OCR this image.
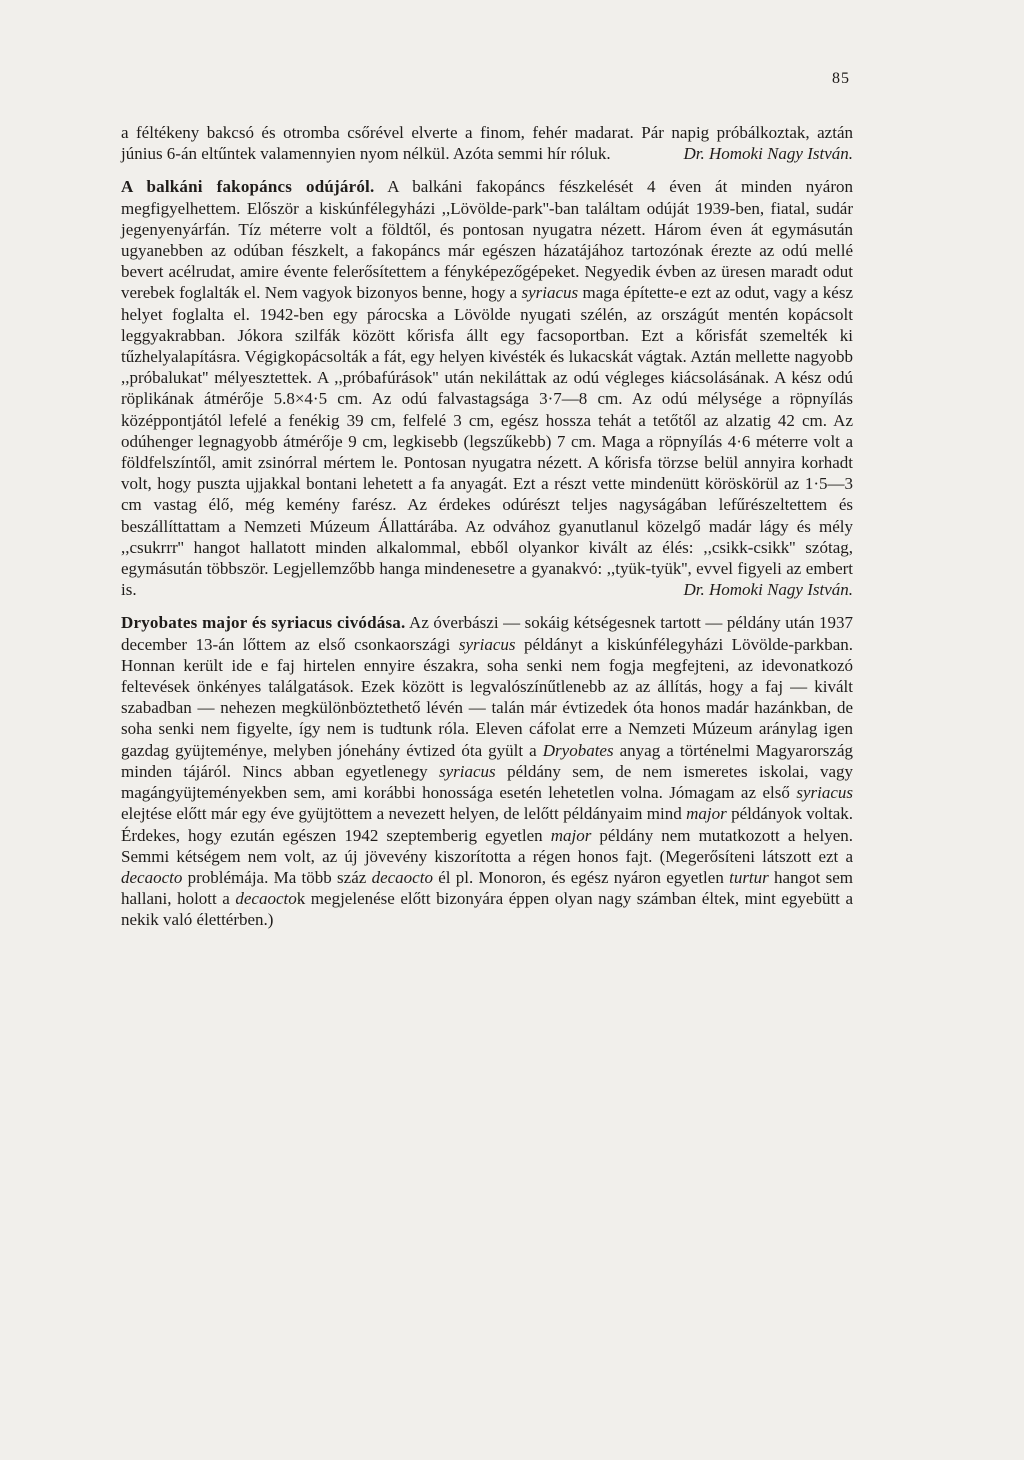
85

a féltékeny bakcsó és otromba csőrével elverte a finom, fehér madarat. Pár napig próbálkoztak, aztán június 6-án eltűntek valamennyien nyom nélkül. Azóta semmi hír róluk.	Dr. Homoki Nagy István.

A balkáni fakopáncs odújáról. A balkáni fakopáncs fészkelését 4 éven át minden nyáron megfigyelhettem. Először a kiskúnfélegyházi ,,Lövölde-park''-ban találtam odúját 1939-ben, fiatal, sudár jegenyenyárfán. Tíz méterre volt a földtől, és pontosan nyugatra nézett. Három éven át egymásután ugyanebben az odúban fészkelt, a fakopáncs már egészen házatájához tartozónak érezte az odú mellé bevert acélrudat, amire évente felerősítettem a fényképezőgépeket. Negyedik évben az üresen maradt odut verebek foglalták el. Nem vagyok bizonyos benne, hogy a syriacus maga építette-e ezt az odut, vagy a kész helyet foglalta el. 1942-ben egy párocska a Lövölde nyugati szélén, az országút mentén kopácsolt leggyakrabban. Jókora szilfák között kőrisfa állt egy facsoportban. Ezt a kőrisfát szemelték ki tűzhelyalapításra. Végigkopácsolták a fát, egy helyen kivésték és lukacskát vágtak. Aztán mellette nagyobb ,,próbalukat'' mélyesztettek. A ,,próbafúrások'' után nekiláttak az odú végleges kiácsolásának. A kész odú röplikának átmérője 5.8×4·5 cm. Az odú falvastagsága 3·7—8 cm. Az odú mélysége a röpnyílás középpontjától lefelé a fenékig 39 cm, felfelé 3 cm, egész hossza tehát a tetőtől az alzatig 42 cm. Az odúhenger legnagyobb átmérője 9 cm, legkisebb (legszűkebb) 7 cm. Maga a röpnyílás 4·6 méterre volt a földfelszíntől, amit zsinórral mértem le. Pontosan nyugatra nézett. A kőrisfa törzse belül annyira korhadt volt, hogy puszta ujjakkal bontani lehetett a fa anyagát. Ezt a részt vette mindenütt köröskörül az 1·5—3 cm vastag élő, még kemény farész. Az érdekes odúrészt teljes nagyságában lefűrészeltettem és beszállíttattam a Nemzeti Múzeum Állattárába. Az odvához gyanutlanul közelgő madár lágy és mély ,,csukrrr'' hangot hallatott minden alkalommal, ebből olyankor kivált az élés: ,,csikk-csikk'' szótag, egymásután többször. Legjellemzőbb hanga mindenesetre a gyanakvó: ,,tyük-tyük'', evvel figyeli az embert is.	Dr. Homoki Nagy István.

Dryobates major és syriacus civódása. Az óverbászi — sokáig kétségesnek tartott — példány után 1937 december 13-án lőttem az első csonkaországi syriacus példányt a kiskúnfélegyházi Lövölde-parkban. Honnan került ide e faj hirtelen ennyire északra, soha senki nem fogja megfejteni, az idevonatkozó feltevések önkényes találgatások. Ezek között is legvalószínűtlenebb az az állítás, hogy a faj — kivált szabadban — nehezen megkülönböztethető lévén — talán már évtizedek óta honos madár hazánkban, de soha senki nem figyelte, így nem is tudtunk róla. Eleven cáfolat erre a Nemzeti Múzeum aránylag igen gazdag gyüjteménye, melyben jónehány évtized óta gyült a Dryobates anyag a történelmi Magyarország minden tájáról. Nincs abban egyetlenegy syriacus példány sem, de nem ismeretes iskolai, vagy magángyüjteményekben sem, ami korábbi honossága esetén lehetetlen volna. Jómagam az első syriacus elejtése előtt már egy éve gyüjtöttem a nevezett helyen, de lelőtt példányaim mind major példányok voltak. Érdekes, hogy ezután egészen 1942 szeptemberig egyetlen major példány nem mutatkozott a helyen. Semmi kétségem nem volt, az új jövevény kiszorította a régen honos fajt. (Megerősíteni látszott ezt a decaocto problémája. Ma több száz decaocto él pl. Monoron, és egész nyáron egyetlen turtur hangot sem hallani, holott a decaoctok megjelenése előtt bizonyára éppen olyan nagy számban éltek, mint egyebütt a nekik való élettérben.)
